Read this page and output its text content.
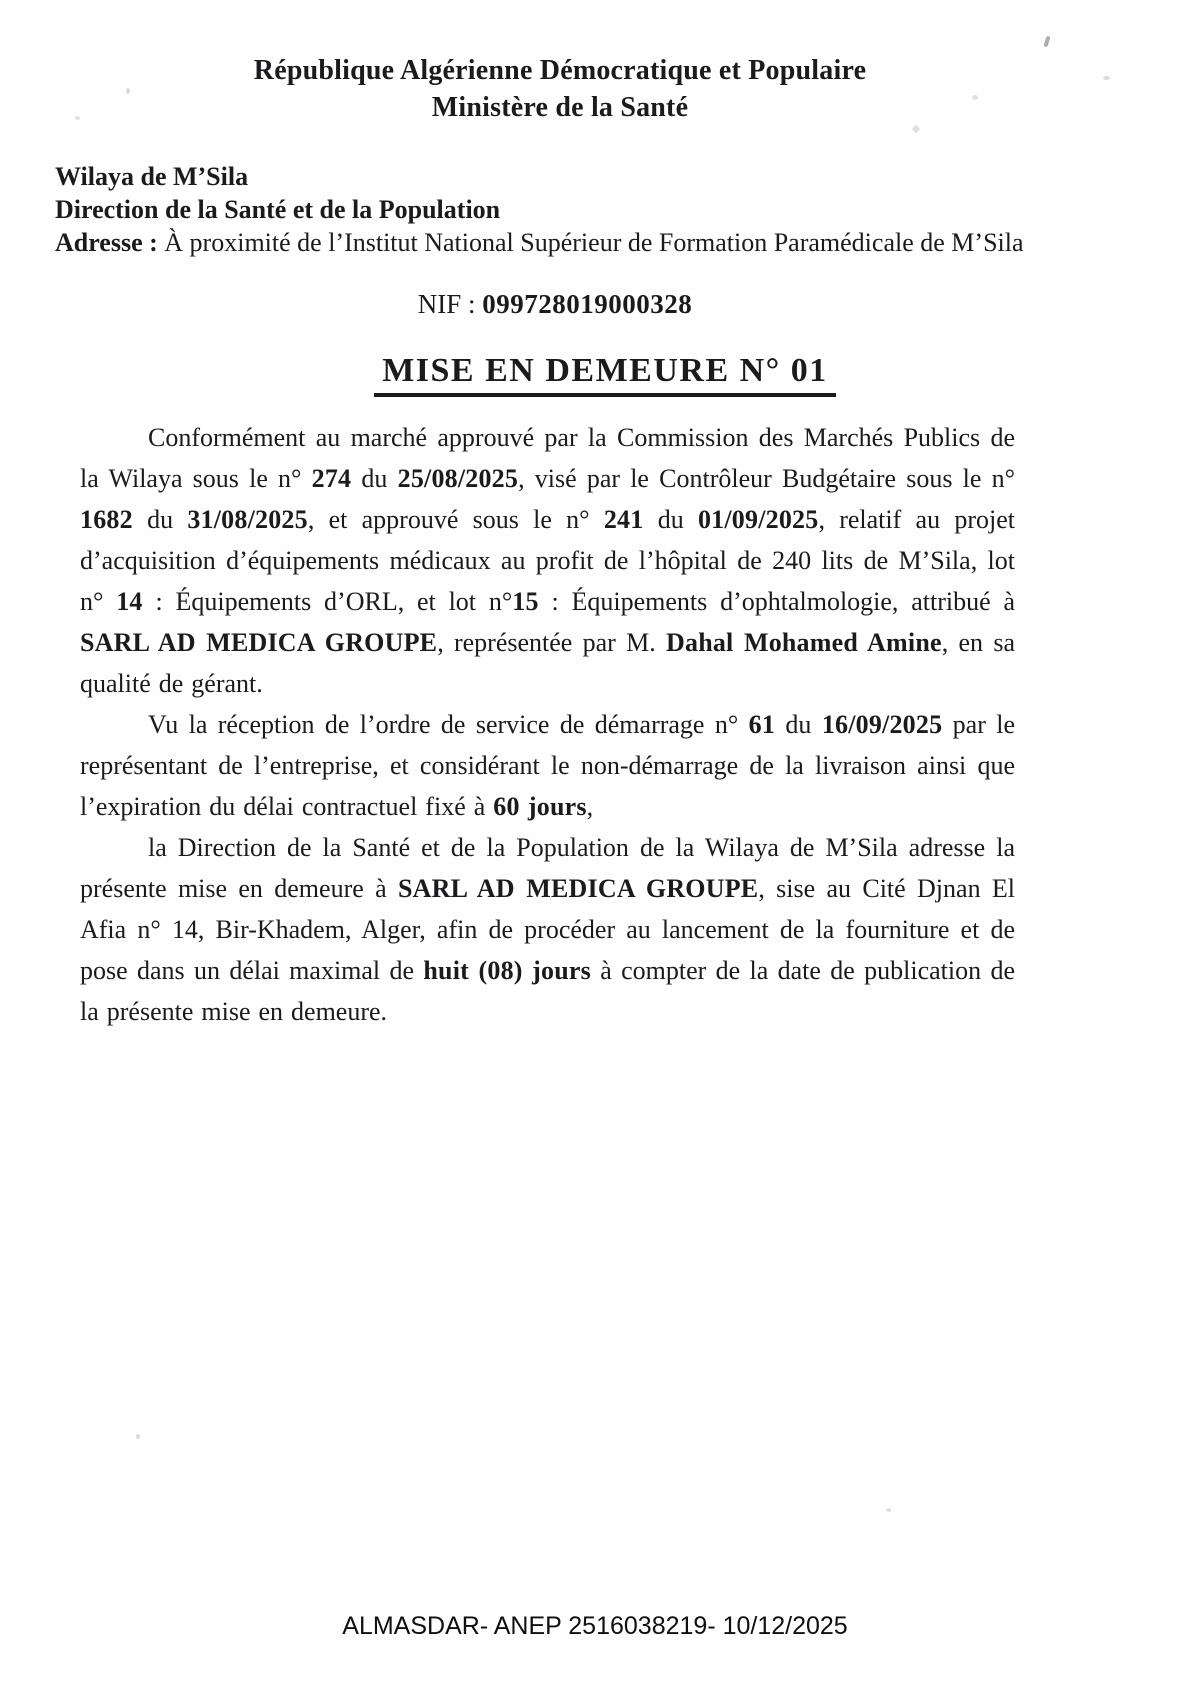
République Algérienne Démocratique et Populaire
Ministère de la Santé
Wilaya de M’Sila
Direction de la Santé et de la Population
Adresse : À proximité de l’Institut National Supérieur de Formation Paramédicale de M’Sila
NIF : 099728019000328
MISE EN DEMEURE N° 01

Conformément au marché approuvé par la Commission des Marchés Publics de la Wilaya sous le n° 274 du 25/08/2025, visé par le Contrôleur Budgétaire sous le n° 1682 du 31/08/2025, et approuvé sous le n° 241 du 01/09/2025, relatif au projet d’acquisition d’équipements médicaux au profit de l’hôpital de 240 lits de M’Sila, lot n° 14 : Équipements d’ORL, et lot n°15 : Équipements d’ophtalmologie, attribué à SARL AD MEDICA GROUPE, représentée par M. Dahal Mohamed Amine, en sa qualité de gérant.

Vu la réception de l’ordre de service de démarrage n° 61 du 16/09/2025 par le représentant de l’entreprise, et considérant le non-démarrage de la livraison ainsi que l’expiration du délai contractuel fixé à 60 jours,

la Direction de la Santé et de la Population de la Wilaya de M’Sila adresse la présente mise en demeure à SARL AD MEDICA GROUPE, sise au Cité Djnan El Afia n° 14, Bir-Khadem, Alger, afin de procéder au lancement de la fourniture et de pose dans un délai maximal de huit (08) jours à compter de la date de publication de la présente mise en demeure.

ALMASDAR- ANEP 2516038219- 10/12/2025
